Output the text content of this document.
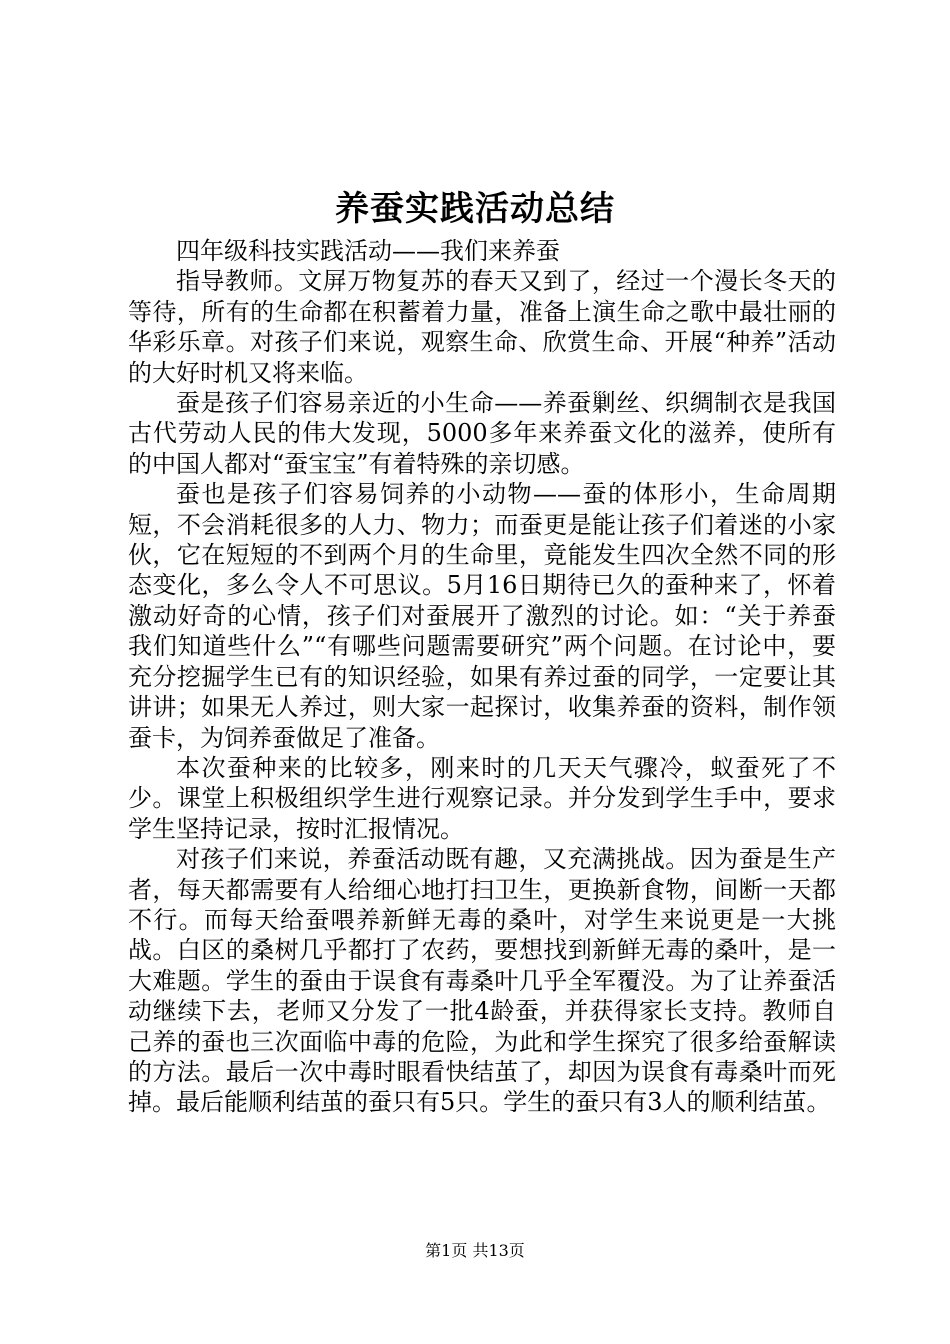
养蚕实践活动总结

四年级科技实践活动——我们来养蚕

指导教师。文屏万物复苏的春天又到了，经过一个漫长冬天的等待，所有的生命都在积蓄着力量，准备上演生命之歌中最壮丽的华彩乐章。对孩子们来说，观察生命、欣赏生命、开展“种养”活动的大好时机又将来临。

蚕是孩子们容易亲近的小生命——养蚕剿丝、织绸制衣是我国古代劳动人民的伟大发现，5000多年来养蚕文化的滋养，使所有的中国人都对“蚕宝宝”有着特殊的亲切感。

蚕也是孩子们容易饲养的小动物——蚕的体形小，生命周期短，不会消耗很多的人力、物力；而蚕更是能让孩子们着迷的小家伙，它在短短的不到两个月的生命里，竟能发生四次全然不同的形态变化，多么令人不可思议。5月16日期待已久的蚕种来了，怀着激动好奇的心情，孩子们对蚕展开了激烈的讨论。如：“关于养蚕我们知道些什么”“有哪些问题需要研究”两个问题。在讨论中，要充分挖掘学生已有的知识经验，如果有养过蚕的同学，一定要让其讲讲；如果无人养过，则大家一起探讨，收集养蚕的资料，制作领蚕卡，为饲养蚕做足了准备。

本次蚕种来的比较多，刚来时的几天天气骤冷，蚁蚕死了不少。课堂上积极组织学生进行观察记录。并分发到学生手中，要求学生坚持记录，按时汇报情况。

对孩子们来说，养蚕活动既有趣，又充满挑战。因为蚕是生产者，每天都需要有人给细心地打扫卫生，更换新食物，间断一天都不行。而每天给蚕喂养新鲜无毒的桑叶，对学生来说更是一大挑战。白区的桑树几乎都打了农药，要想找到新鲜无毒的桑叶，是一大难题。学生的蚕由于误食有毒桑叶几乎全军覆没。为了让养蚕活动继续下去，老师又分发了一批4龄蚕，并获得家长支持。教师自己养的蚕也三次面临中毒的危险，为此和学生探究了很多给蚕解读的方法。最后一次中毒时眼看快结茧了，却因为误食有毒桑叶而死掉。最后能顺利结茧的蚕只有5只。学生的蚕只有3人的顺利结茧。

第1页 共13页
